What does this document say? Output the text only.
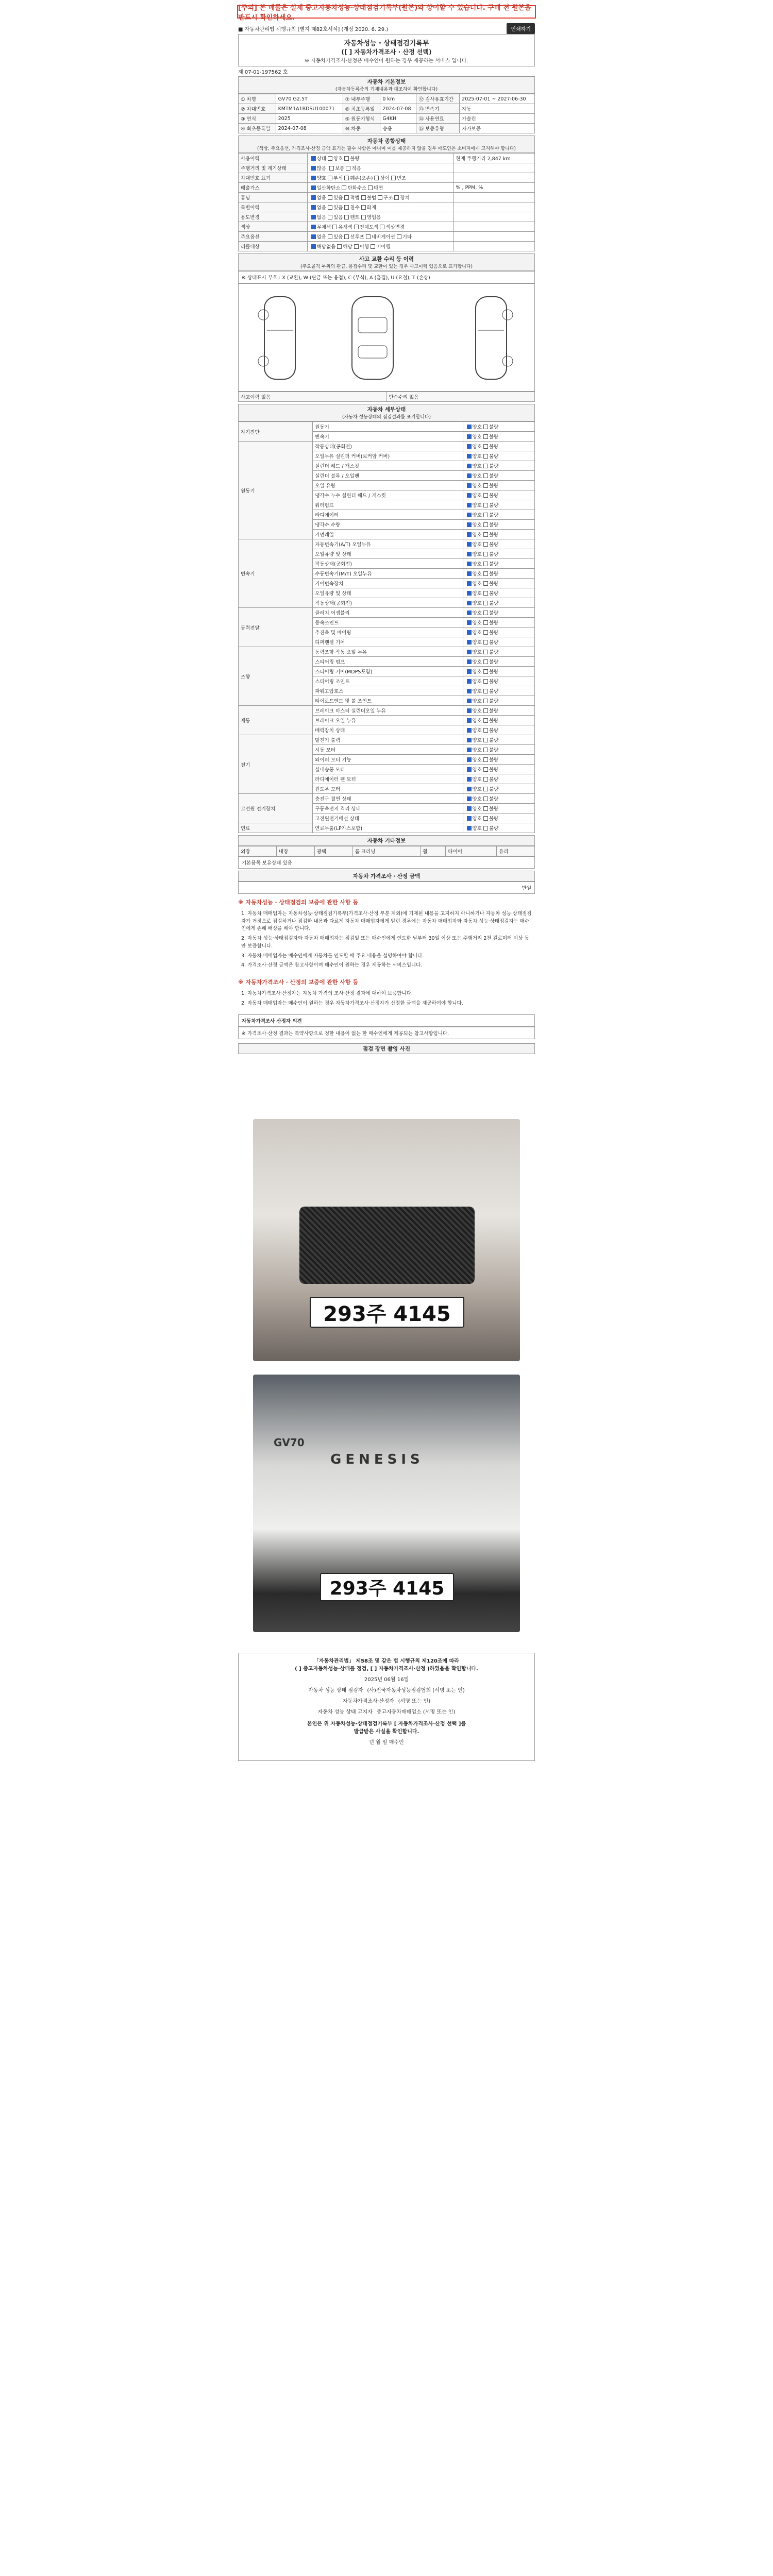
[주의] 본 매물은 실제 중고자동차성능·상태점검기록부(원본)와 상이할 수 있습니다. 구매 전 원본을 반드시 확인하세요.
■ 자동차관리법 시행규칙 [별지 제82호서식] (개정 2020. 6. 29.)	인쇄하기
자동차성능 · 상태점검기록부
([ ] 자동차가격조사 · 산정 선택)
※ 자동차가격조사·산정은 매수인이 원하는 경우 제공하는 서비스 입니다.
제 07-01-197562 호
자동차 기본정보
(자동차등록증의 기재내용과 대조하여 확인합니다)
① 차명	GV70 G2.5T	⑦ 내부주행	0 km	⑫ 검사유효기간	2025-07-01 ~ 2027-06-30
② 차대번호	KMTM1A1BDSU100071	⑧ 최초등록일	2024-07-08	⑬ 변속기	자동
③ 연식	2025	⑨ 원동기형식	G4KH	⑭ 사용연료	가솔린
④ 최초등록일	2024-07-08	⑩ 차종	승용	⑮ 보증유형	자가보증
자동차 종합상태
(색상, 주요옵션, 가격조사·산정 금액 표기는 필수 사항은 아니며 이를 제공하지 않을 경우 매도인은 소비자에게 고지해야 합니다)
사용이력	상태 양호 불량	현재 주행거리 2,847 km
주행거리 및 계기상태	많음 보통 적음	
차대번호 표기	양호 부식 훼손(오손) 상이 변조	
배출가스	일산화탄소 탄화수소 매연	% , PPM, %
튜닝	없음 있음 적법 불법 구조 장치	
특별이력	없음 있음 침수 화재	
용도변경	없음 있음 렌트 영업용	
색상	무채색 유채색 전체도색 색상변경	
주요옵션	없음 있음 선루프 네비게이션 기타	
리콜대상	해당없음 해당 이행 미이행	
사고 교환 수리 등 이력
(주요골격 부위의 판금, 용접수리 및 교환이 있는 경우 사고이력 있음으로 표기합니다)
※ 상태표시 부호 : X (교환), W (판금 또는 용접), C (부식), A (흠집), U (요철), T (손상)
사고이력 없음	단순수리 없음
자동차 세부상태
(자동차 성능상태의 점검결과를 표기합니다)
자기진단	원동기	양호 불량
	변속기	양호 불량
원동기	작동상태(공회전)	양호 불량
	오일누유 실린더 커버(로커암 커버)	양호 불량
	실린더 헤드 / 개스킷	양호 불량
	실린더 블록 / 오일팬	양호 불량
	오일 유량	양호 불량
	냉각수 누수 실린더 헤드 / 개스킷	양호 불량
	워터펌프	양호 불량
	라디에이터	양호 불량
	냉각수 수량	양호 불량
	커먼레일	양호 불량
변속기	자동변속기(A/T) 오일누유	양호 불량
	오일유량 및 상태	양호 불량
	작동상태(공회전)	양호 불량
	수동변속기(M/T) 오일누유	양호 불량
	기어변속장치	양호 불량
	오일유량 및 상태	양호 불량
	작동상태(공회전)	양호 불량
동력전달	클러치 어셈블리	양호 불량
	등속조인트	양호 불량
	추진축 및 베어링	양호 불량
	디퍼렌셜 기어	양호 불량
조향	동력조향 작동 오일 누유	양호 불량
	스티어링 펌프	양호 불량
	스티어링 기어(MDPS포함)	양호 불량
	스티어링 조인트	양호 불량
	파워고압호스	양호 불량
	타이로드엔드 및 볼 조인트	양호 불량
제동	브레이크 마스터 실린더오일 누유	양호 불량
	브레이크 오일 누유	양호 불량
	배력장치 상태	양호 불량
전기	발전기 출력	양호 불량
	시동 모터	양호 불량
	와이퍼 모터 기능	양호 불량
	실내송풍 모터	양호 불량
	라디에이터 팬 모터	양호 불량
	윈도우 모터	양호 불량
고전원 전기장치	충전구 절연 상태	양호 불량
	구동축전지 격리 상태	양호 불량
	고전원전기배선 상태	양호 불량
연료	연료누출(LP가스포함)	양호 불량
자동차 기타정보
외장	내장	광택	룸 크리닝	휠	타이어	유리
기본품목 보유상태 있음
자동차 가격조사 · 산정 금액
만원
※ 자동차성능 · 상태점검의 보증에 관한 사항 등

1. 자동차 매매업자는 자동차성능·상태점검기록부(가격조사·산정 부분 제외)에 기재된 내용을 고지하지 아니하거나 자동차 성능·상태점검자가 거짓으로 점검하거나 점검한 내용과 다르게 자동차 매매업자에게 알린 경우에는 자동차 매매업자와 자동차 성능·상태점검자는 매수인에게 손해 배상을 해야 합니다.

2. 자동차 성능·상태점검자와 자동차 매매업자는 점검일 또는 매수인에게 인도한 날부터 30일 이상 또는 주행거리 2천 킬로미터 이상 동안 보증합니다.

3. 자동차 매매업자는 매수인에게 자동차를 인도할 때 주요 내용을 설명하여야 합니다.

4. 가격조사·산정 금액은 참고사항이며 매수인이 원하는 경우 제공하는 서비스입니다.

※ 자동차가격조사 · 산정의 보증에 관한 사항 등

1. 자동차가격조사·산정자는 자동차 가격의 조사·산정 결과에 대하여 보증합니다.

2. 자동차 매매업자는 매수인이 원하는 경우 자동차가격조사·산정자가 산정한 금액을 제공하여야 합니다.

자동차가격조사 산정자 의견
※ 가격조사·산정 결과는 특약사항으로 정한 내용이 없는 한 매수인에게 제공되는 참고사항입니다.
점검 장면 촬영 사진
293주 4145
GV70
GENESIS
293주 4145
「자동차관리법」 제58조 및 같은 법 시행규칙 제120조에 따라
( ] 중고자동차성능·상태를 점검, [ ] 자동차가격조사·산정 )하였음을 확인합니다.
2025년 06월 16일
자동차 성능 상태 점검자 (사)전국자동차성능점검협회 (서명 또는 인)
자동차가격조사·산정자 (서명 또는 인)
자동차 성능 상태 고지자 중고자동차매매업소 (서명 또는 인)
본인은 위 자동차성능·상태점검기록부 [ 자동차가격조사·산정 선택 ]를
발급받은 사실을 확인합니다.
년 월 일 매수인
